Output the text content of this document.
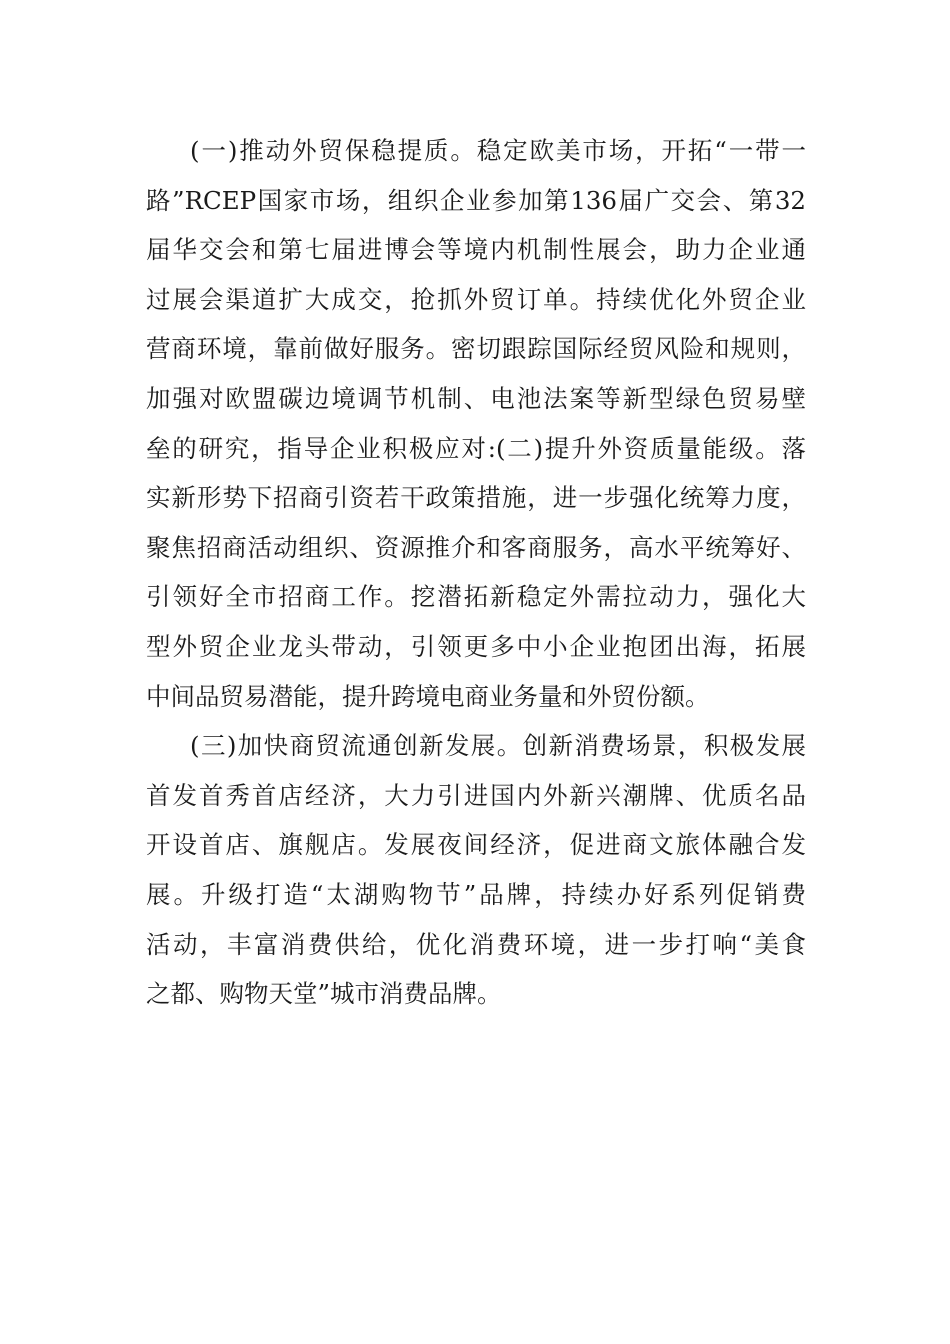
(一)推动外贸保稳提质。稳定欧美市场，开拓“一带一
路”RCEP国家市场，组织企业参加第136届广交会、第32
届华交会和第七届进博会等境内机制性展会，助力企业通
过展会渠道扩大成交，抢抓外贸订单。持续优化外贸企业
营商环境，靠前做好服务。密切跟踪国际经贸风险和规则，
加强对欧盟碳边境调节机制、电池法案等新型绿色贸易壁
垒的研究，指导企业积极应对:(二)提升外资质量能级。落
实新形势下招商引资若干政策措施，进一步强化统筹力度，
聚焦招商活动组织、资源推介和客商服务，高水平统筹好、
引领好全市招商工作。挖潜拓新稳定外需拉动力，强化大
型外贸企业龙头带动，引领更多中小企业抱团出海，拓展
中间品贸易潜能，提升跨境电商业务量和外贸份额。
(三)加快商贸流通创新发展。创新消费场景，积极发展
首发首秀首店经济，大力引进国内外新兴潮牌、优质名品
开设首店、旗舰店。发展夜间经济，促进商文旅体融合发
展。升级打造“太湖购物节”品牌，持续办好系列促销费
活动，丰富消费供给，优化消费环境，进一步打响“美食
之都、购物天堂”城市消费品牌。
